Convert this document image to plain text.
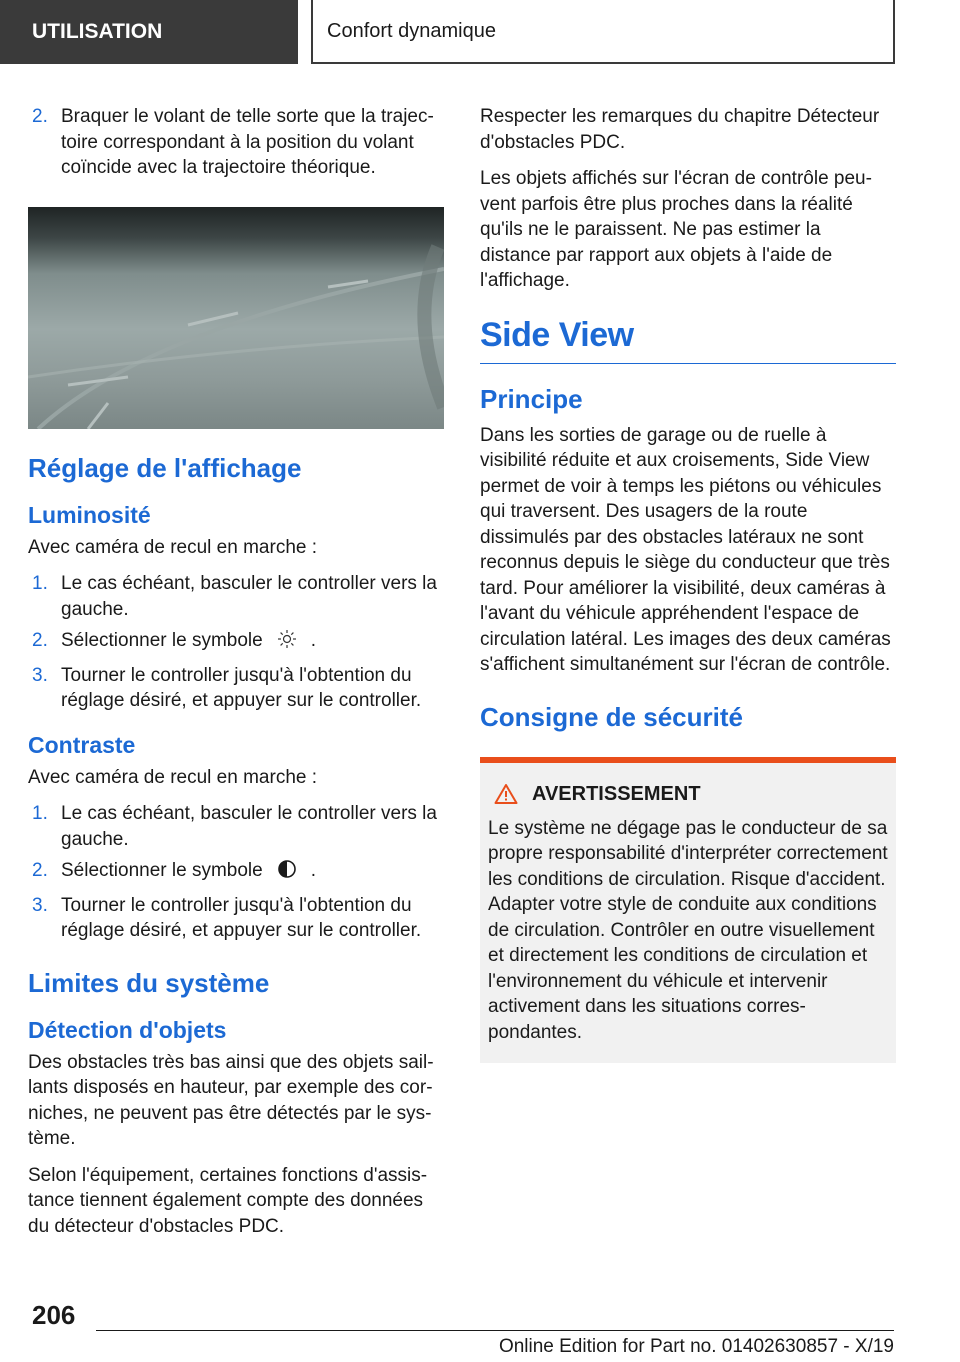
UTILISATION	Confort dynamique
2. Braquer le volant de telle sorte que la trajectoire correspondant à la position du volant coïncide avec la trajectoire théorique.
Réglage de l'affichage
Luminosité

Avec caméra de recul en marche :

1. Le cas échéant, basculer le controller vers la gauche.
2. Sélectionner le symbole	.
3. Tourner le controller jusqu'à l'obtention du réglage désiré, et appuyer sur le controller.
Contraste

Avec caméra de recul en marche :

1. Le cas échéant, basculer le controller vers la gauche.
2. Sélectionner le symbole	.
3. Tourner le controller jusqu'à l'obtention du réglage désiré, et appuyer sur le controller.
Limites du système
Détection d'objets

Des obstacles très bas ainsi que des objets saillants disposés en hauteur, par exemple des corniches, ne peuvent pas être détectés par le système.

Selon l'équipement, certaines fonctions d'assistance tiennent également compte des données du détecteur d'obstacles PDC.

Respecter les remarques du chapitre Détecteur d'obstacles PDC.

Les objets affichés sur l'écran de contrôle peuvent parfois être plus proches dans la réalité qu'ils ne le paraissent. Ne pas estimer la distance par rapport aux objets à l'aide de l'affichage.

Side View
Principe

Dans les sorties de garage ou de ruelle à visibilité réduite et aux croisements, Side View permet de voir à temps les piétons ou véhicules qui traversent. Des usagers de la route dissimulés par des obstacles latéraux ne sont reconnus depuis le siège du conducteur que très tard. Pour améliorer la visibilité, deux caméras à l'avant du véhicule appréhendent l'espace de circulation latéral. Les images des deux caméras s'affichent simultanément sur l'écran de contrôle.

Consigne de sécurité
AVERTISSEMENT

Le système ne dégage pas le conducteur de sa propre responsabilité d'interpréter correctement les conditions de circulation. Risque d'accident. Adapter votre style de conduite aux conditions de circulation. Contrôler en outre visuellement et directement les conditions de circulation et l'environnement du véhicule et intervenir activement dans les situations correspondantes.

206
Online Edition for Part no. 01402630857 - X/19
